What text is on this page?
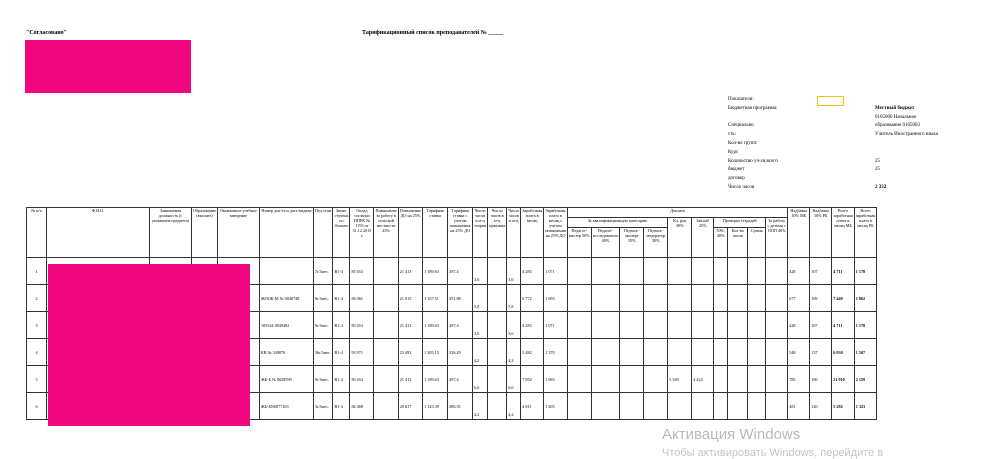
"Согласовано"	Тарификационный список преподавателей № _____
Показатели:
Бюджетная программа:	Местный бюджет
0105000 Начальное
Специально	образование 0105003
сть:	Учитель Иностранного языка
Кол-во групп:
Курс
Количество уч-ся,всего	25
бюджет	25
договор
Число часов	2 332
№ п/п	Ф.И.О.	Занимаемая должность (с указанием предмета)	Образование (высшее)	Оконченное учебное заведение	Номер док-та и дата выдачи	Пед.стаж	Звено, ступень по блокам	Оклад согласно ППРК № 1193 от 31.12.2015 г.	Повышение за работу в сельской местности 25%	Повышение ДО на 25%	Тарифная ставка	Тарифная ставка с учетом повышения на 25% ДО	Число часов в м-ц теория	Число часов в м-ц практика	Число часов в м-ц	Заработная плата в месяц	Заработная плата в месяц с учетом повышения на 25% ДО	Доплата										Надбавка 10% МБ	Надбавка 10% РБ	Всего заработная плата в месяц МБ	Всего заработная плата в месяц РБ
																		За квалификационную категорию				Кл. рук 30%	Зав.каб 25%	Проверка тетрадей			За работу с детьми с ООП 40%				
																		Педагог-мастер 50%	Педагог-исследователь 40%	Педагог-эксперт 35%	Педагог-модератор 30%			50%, 40%	Кол-во часов	Сумма					
1						7г.5мес.	В1-4	85 653		21 413	1 189,63	297,4	3,6		3,6	4 283	1 071											428	107	4 711	1 178
2					ЖООК-М № 0048748	8г.5мес.	В1-4	84 061		21 015	1 167,51	291,88	5,8		5,8	6 772	1 693											677	169	7 449	1 862
3					105524 0849482	9г.5мес.	В1-4	85 653		21 413	1 189,63	297,4	3,6		3,6	4 283	1 071											428	107	4 711	1 178
4					КВ № 349070	36г.5мес.	В1-4	93 971		23 493	1 305,15	326,29	4,2		4,2	5 482	1 370											548	137	6 030	1 507
5					ЖБ-Б № 0028599	9г.5мес.	В1-4	85 653		21 413	1 189,63	297,4	6,6		6,6	7 852	1 963					5 349	4 424					785	196	21 910	2 159
6					ЖБ-БN0877163	3г.5мес.	В1-4	82 468		20 617	1 145,39	286,35	4,2		4,2	4 811	1 203											481	120	5 292	1 323
Активация Windows
Чтобы активировать Windows, перейдите в
